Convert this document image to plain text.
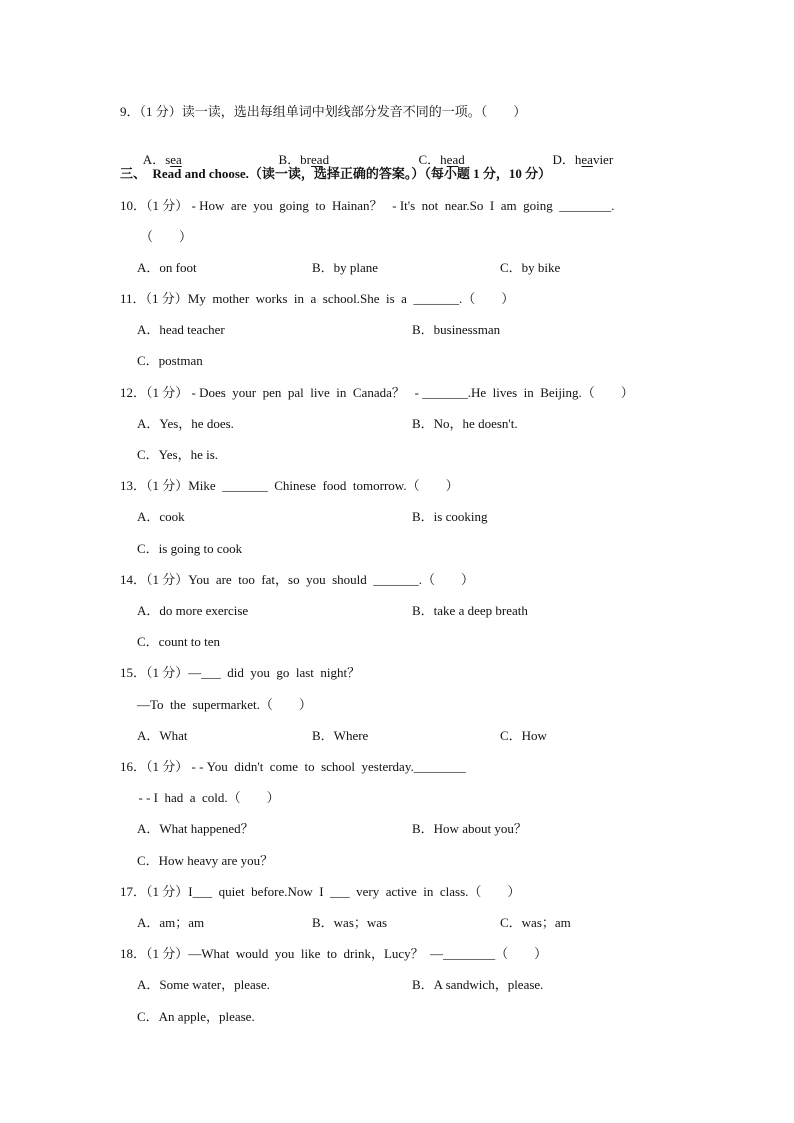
9．（1 分）读一读，选出每组单词中划线部分发音不同的一项。（　　）

A．sea	B．bread	C．head	D．heavier

三、  Read and choose.（读一读，选择正确的答案。）（每小题 1 分，10 分）
10．（1 分） - How  are  you  going  to  Hainan？   - It's  not  near.So  I  am  going  ________.
（　　）
A．on foot	B．by plane	C．by bike
11．（1 分）My  mother  works  in  a  school.She  is  a  _______.（　　）
A．head teacher	B．businessman
C．postman
12．（1 分） - Does  your  pen  pal  live  in  Canada？   - _______.He  lives  in  Beijing.（　　）
A．Yes，he does.	B．No，he doesn't.
C．Yes，he is.
13．（1 分）Mike  _______  Chinese  food  tomorrow.（　　）
A．cook	B．is cooking
C．is going to cook
14．（1 分）You  are  too  fat，so  you  should  _______.（　　）
A．do more exercise	B．take a deep breath
C．count to ten
15．（1 分）—___  did  you  go  last  night？
—To  the  supermarket.（　　）
A．What	B．Where	C．How
16．（1 分） - - You  didn't  come  to  school  yesterday.________
- - I  had  a  cold.（　　）
A．What happened？	B．How about you？
C．How heavy are you？
17．（1 分）I___  quiet  before.Now  I  ___  very  active  in  class.（　　）
A．am；am	B．was；was	C．was；am
18．（1 分）—What  would  you  like  to  drink，Lucy？  —________（　　）
A．Some water，please.	B．A sandwich，please.
C．An apple，please.
